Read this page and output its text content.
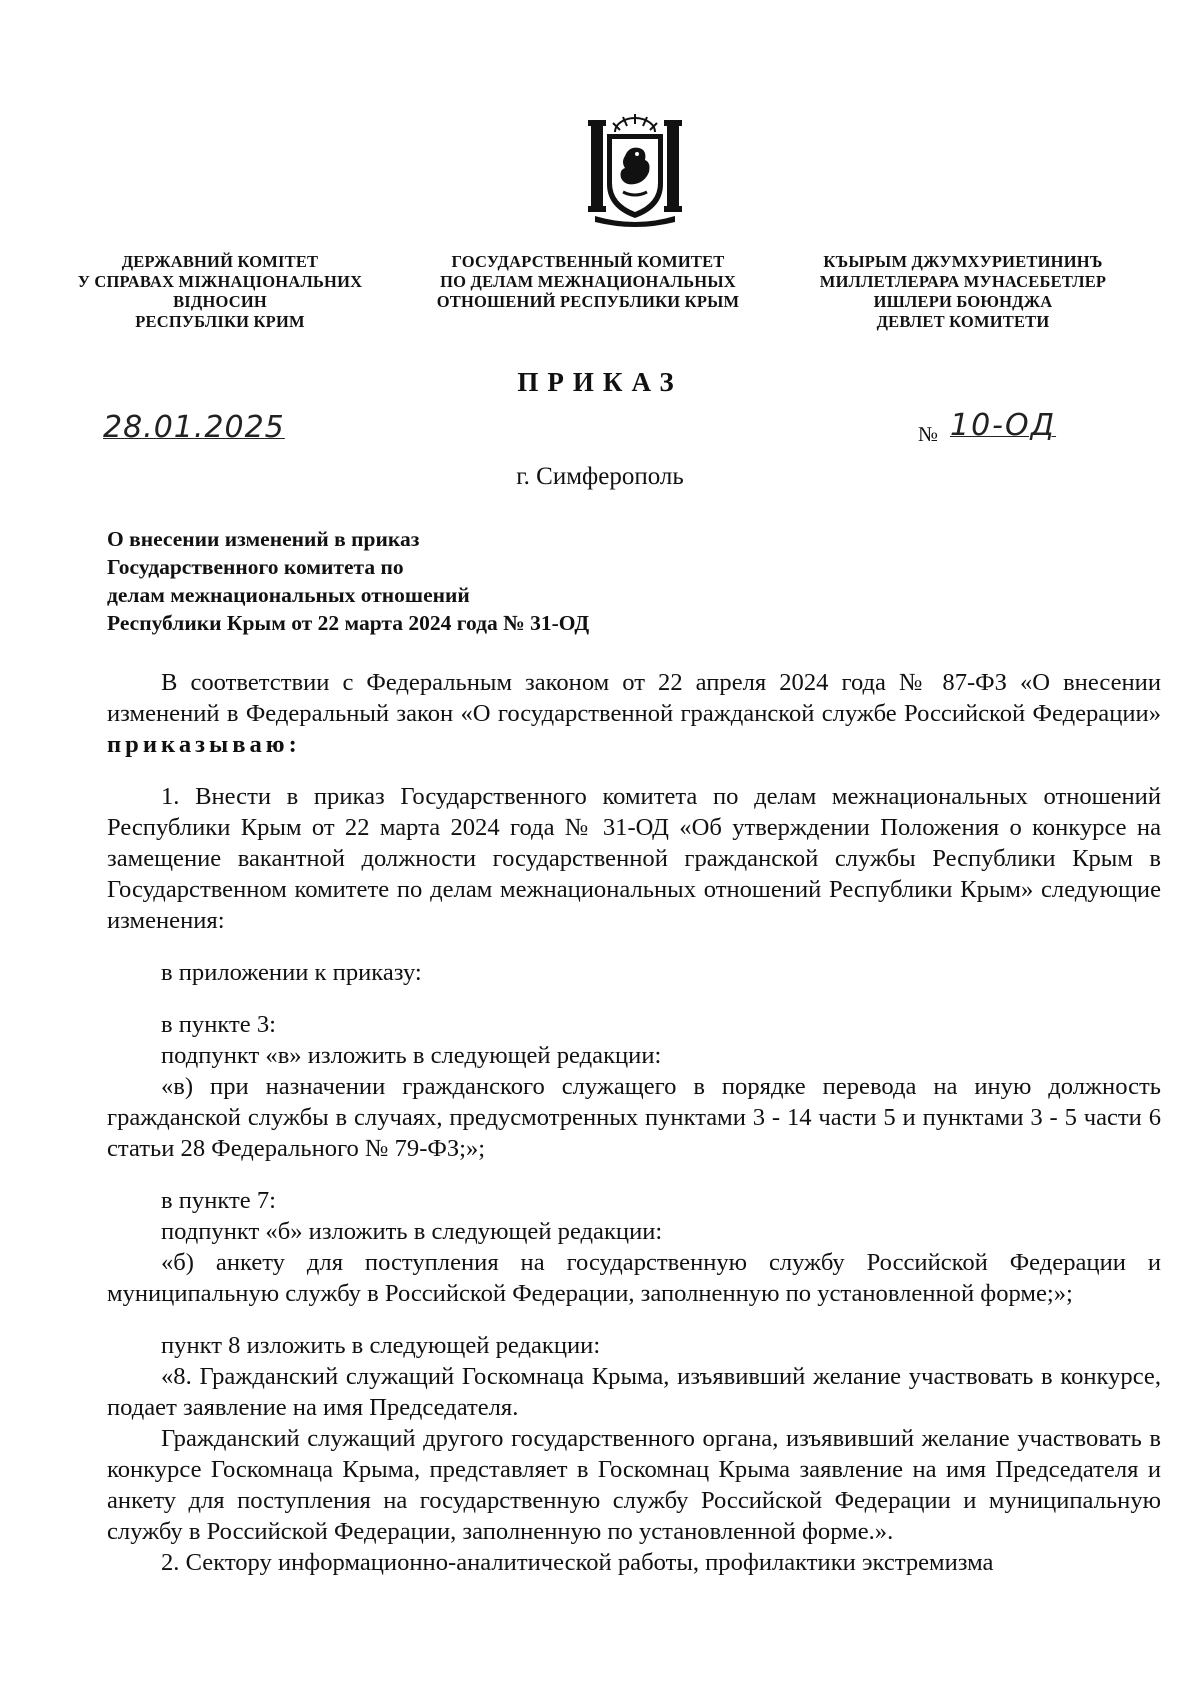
ДЕРЖАВНИЙ КОМІТЕТ
У СПРАВАХ МІЖНАЦІОНАЛЬНИХ
ВІДНОСИН
РЕСПУБЛІКИ КРИМ
ГОСУДАРСТВЕННЫЙ КОМИТЕТ
ПО ДЕЛАМ МЕЖНАЦИОНАЛЬНЫХ
ОТНОШЕНИЙ РЕСПУБЛИКИ КРЫМ
КЪЫРЫМ ДЖУМХУРИЕТИНИНЪ
МИЛЛЕТЛЕРАРА МУНАСЕБЕТЛЕР
ИШЛЕРИ БОЮНДЖА
ДЕВЛЕТ КОМИТЕТИ
ПРИКАЗ
28.01.2025	№ 10-ОД
г. Симферополь
О внесении изменений в приказ
Государственного комитета по
делам межнациональных отношений
Республики Крым от 22 марта 2024 года № 31-ОД

В соответствии с Федеральным законом от 22 апреля 2024 года № 87-ФЗ «О внесении изменений в Федеральный закон «О государственной гражданской службе Российской Федерации» приказываю:

1. Внести в приказ Государственного комитета по делам межнациональных отношений Республики Крым от 22 марта 2024 года № 31-ОД «Об утверждении Положения о конкурсе на замещение вакантной должности государственной гражданской службы Республики Крым в Государственном комитете по делам межнациональных отношений Республики Крым» следующие изменения:

в приложении к приказу:

в пункте 3:

подпункт «в» изложить в следующей редакции:

«в) при назначении гражданского служащего в порядке перевода на иную должность гражданской службы в случаях, предусмотренных пунктами 3 - 14 части 5 и пунктами 3 - 5 части 6 статьи 28 Федерального № 79-ФЗ;»;

в пункте 7:

подпункт «б» изложить в следующей редакции:

«б) анкету для поступления на государственную службу Российской Федерации и муниципальную службу в Российской Федерации, заполненную по установленной форме;»;

пункт 8 изложить в следующей редакции:

«8. Гражданский служащий Госкомнаца Крыма, изъявивший желание участвовать в конкурсе, подает заявление на имя Председателя.

Гражданский служащий другого государственного органа, изъявивший желание участвовать в конкурсе Госкомнаца Крыма, представляет в Госкомнац Крыма заявление на имя Председателя и анкету для поступления на государственную службу Российской Федерации и муниципальную службу в Российской Федерации, заполненную по установленной форме.».

2. Сектору информационно-аналитической работы, профилактики экстремизма
